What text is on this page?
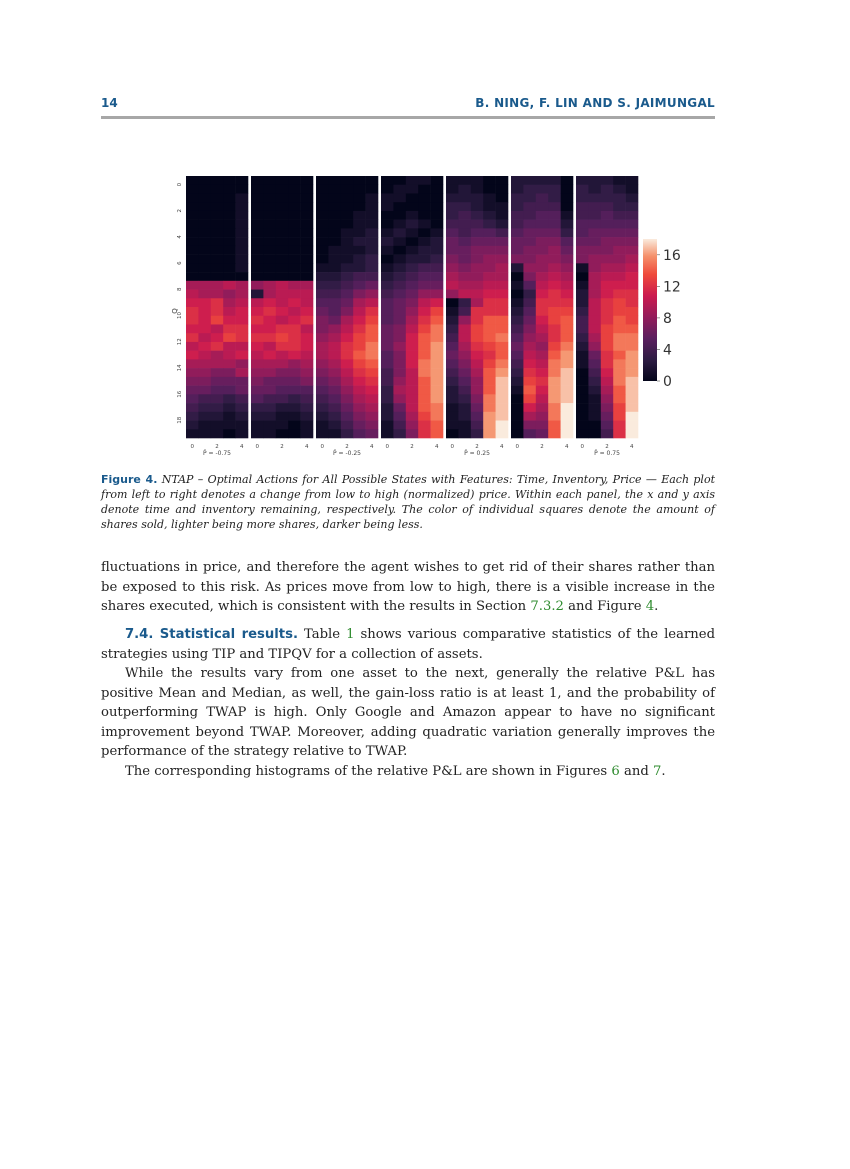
14	B. NING, F. LIN AND S. JAIMUNGAL
0
2
4
6
8
10
12
14
16
18
Q
0	2	4 0	2	4 0	2	4 0	2	4 0	2	4 0	2	4 0	2	4
P̃ = -0.75	P̃ = -0.25	P̃ = 0.25	P̃ = 0.75
0
4
8
12
16
Figure 4. NTAP – Optimal Actions for All Possible States with Features: Time, Inventory, Price — Each plot from left to right denotes a change from low to high (normalized) price. Within each panel, the x and y axis denote time and inventory remaining, respectively. The color of individual squares denote the amount of shares sold, lighter being more shares, darker being less.

fluctuations in price, and therefore the agent wishes to get rid of their shares rather than be exposed to this risk. As prices move from low to high, there is a visible increase in the shares executed, which is consistent with the results in Section 7.3.2 and Figure 4.

7.4. Statistical results. Table 1 shows various comparative statistics of the learned strategies using TIP and TIPQV for a collection of assets.

While the results vary from one asset to the next, generally the relative P&L has positive Mean and Median, as well, the gain-loss ratio is at least 1, and the probability of outperforming TWAP is high. Only Google and Amazon appear to have no significant improvement beyond TWAP. Moreover, adding quadratic variation generally improves the performance of the strategy relative to TWAP.

The corresponding histograms of the relative P&L are shown in Figures 6 and 7.
